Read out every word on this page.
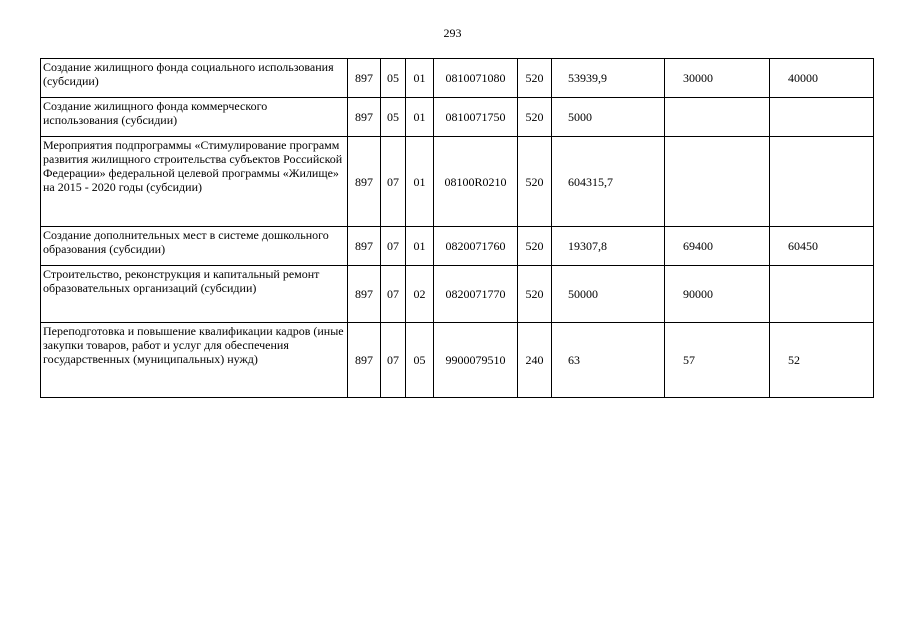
293
Создание жилищного фонда социального использования (субсидии)	897	05	01	0810071080	520	53939,9	30000	40000
Создание жилищного фонда коммерческого использования (субсидии)	897	05	01	0810071750	520	5000		
Мероприятия подпрограммы «Стимулирование программ развития жилищного строительства субъектов Российской Федерации» федеральной целевой программы «Жилище» на 2015 - 2020 годы (субсидии)	897	07	01	08100R0210	520	604315,7		
Создание дополнительных мест в системе дошкольного образования (субсидии)	897	07	01	0820071760	520	19307,8	69400	60450
Строительство, реконструкция и капитальный ремонт образовательных организаций (субсидии)	897	07	02	0820071770	520	50000	90000	
Переподготовка и повышение квалификации кадров (иные закупки товаров, работ и услуг для обеспечения государственных (муниципальных) нужд)	897	07	05	9900079510	240	63	57	52
